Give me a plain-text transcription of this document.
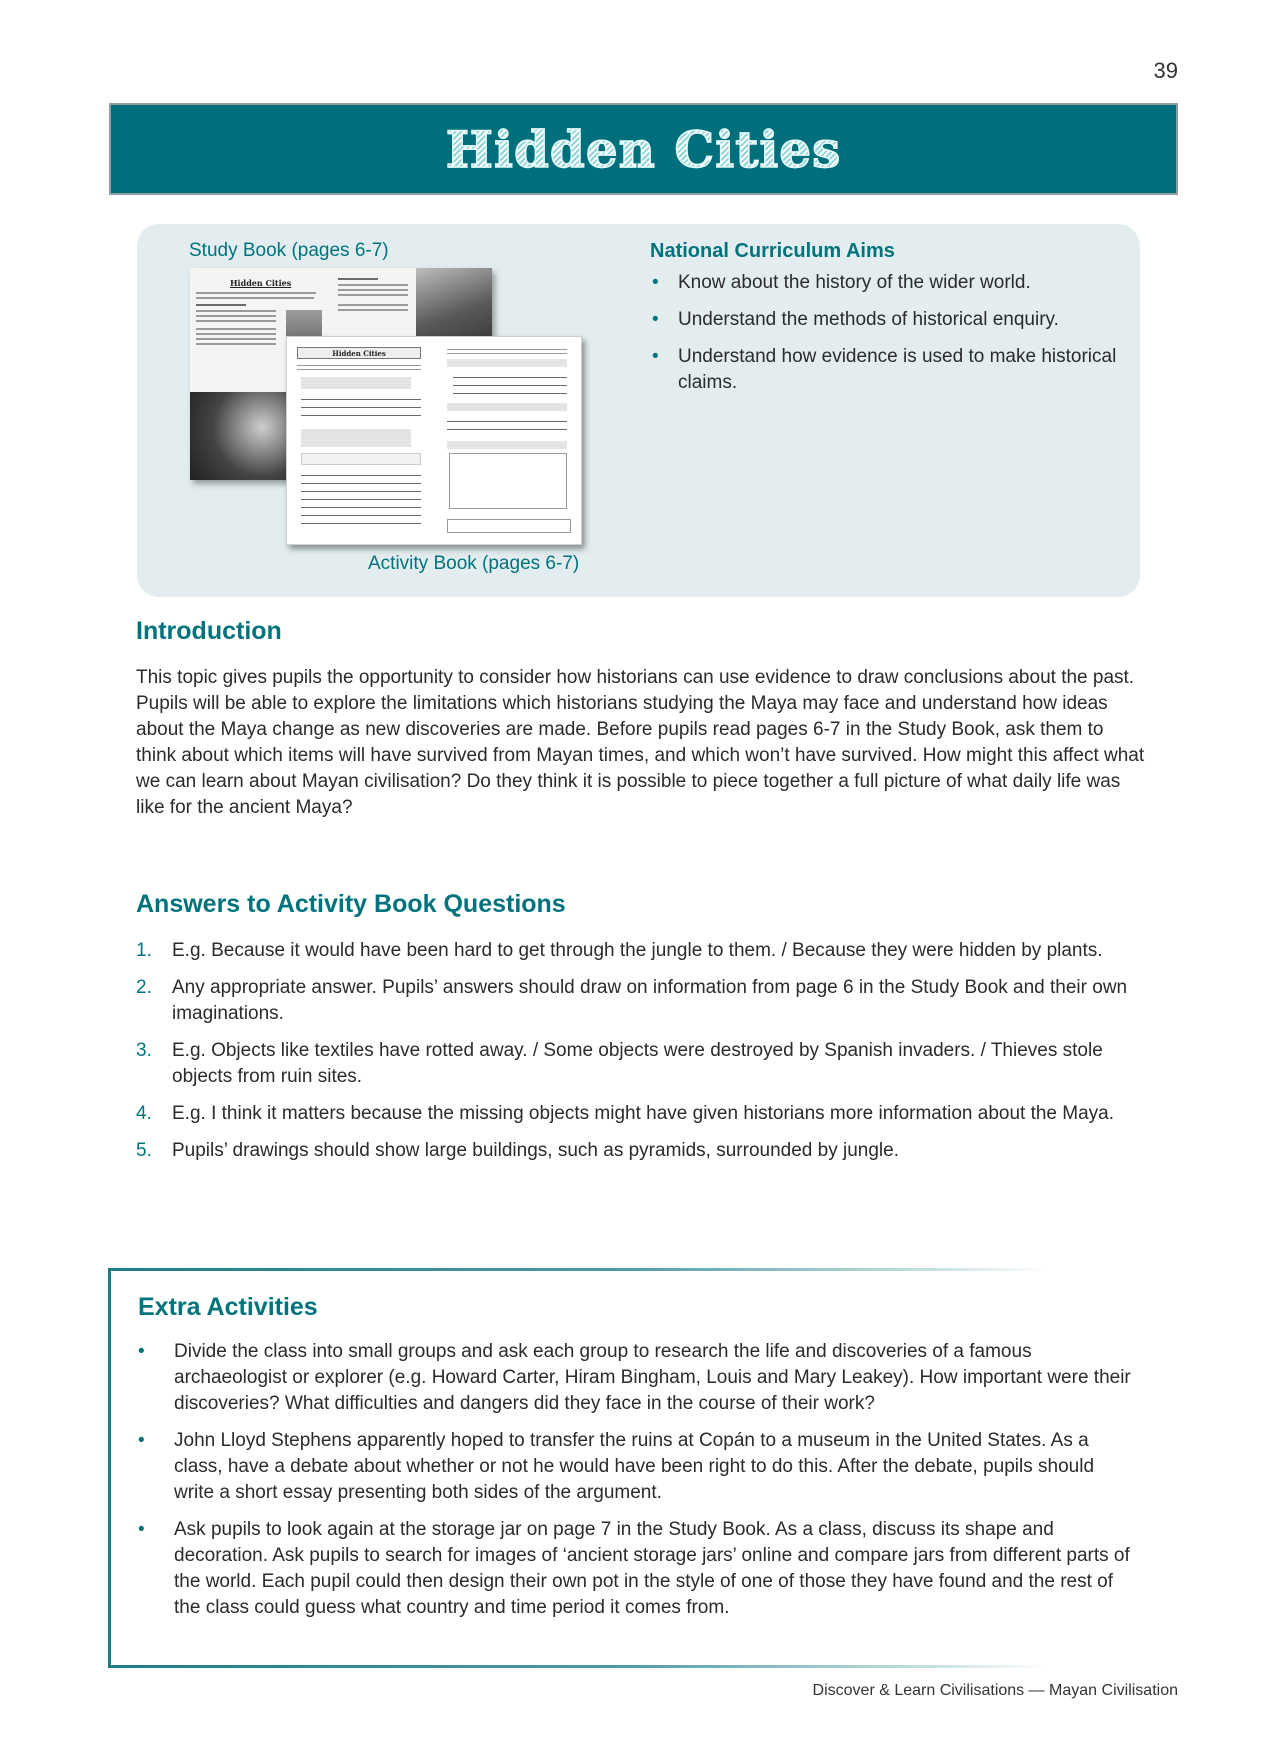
39
Hidden Cities
Study Book (pages 6-7)
Hidden Cities
Hidden Cities
Activity Book (pages 6-7)
National Curriculum Aims
• Know about the history of the wider world.
• Understand the methods of historical enquiry.
• Understand how evidence is used to make historical claims.
Introduction

This topic gives pupils the opportunity to consider how historians can use evidence to draw conclusions about the past. Pupils will be able to explore the limitations which historians studying the Maya may face and understand how ideas about the Maya change as new discoveries are made. Before pupils read pages 6-7 in the Study Book, ask them to think about which items will have survived from Mayan times, and which won’t have survived. How might this affect what we can learn about Mayan civilisation? Do they think it is possible to piece together a full picture of what daily life was like for the ancient Maya?

Answers to Activity Book Questions
1. E.g. Because it would have been hard to get through the jungle to them. / Because they were hidden by plants.
2. Any appropriate answer. Pupils’ answers should draw on information from page 6 in the Study Book and their own imaginations.
3. E.g. Objects like textiles have rotted away. / Some objects were destroyed by Spanish invaders. / Thieves stole objects from ruin sites.
4. E.g. I think it matters because the missing objects might have given historians more information about the Maya.
5. Pupils’ drawings should show large buildings, such as pyramids, surrounded by jungle.
Extra Activities
• Divide the class into small groups and ask each group to research the life and discoveries of a famous archaeologist or explorer (e.g. Howard Carter, Hiram Bingham, Louis and Mary Leakey). How important were their discoveries? What difficulties and dangers did they face in the course of their work?
• John Lloyd Stephens apparently hoped to transfer the ruins at Copán to a museum in the United States. As a class, have a debate about whether or not he would have been right to do this. After the debate, pupils should write a short essay presenting both sides of the argument.
• Ask pupils to look again at the storage jar on page 7 in the Study Book. As a class, discuss its shape and decoration. Ask pupils to search for images of ‘ancient storage jars’ online and compare jars from different parts of the world. Each pupil could then design their own pot in the style of one of those they have found and the rest of the class could guess what country and time period it comes from.
Discover & Learn Civilisations — Mayan Civilisation
